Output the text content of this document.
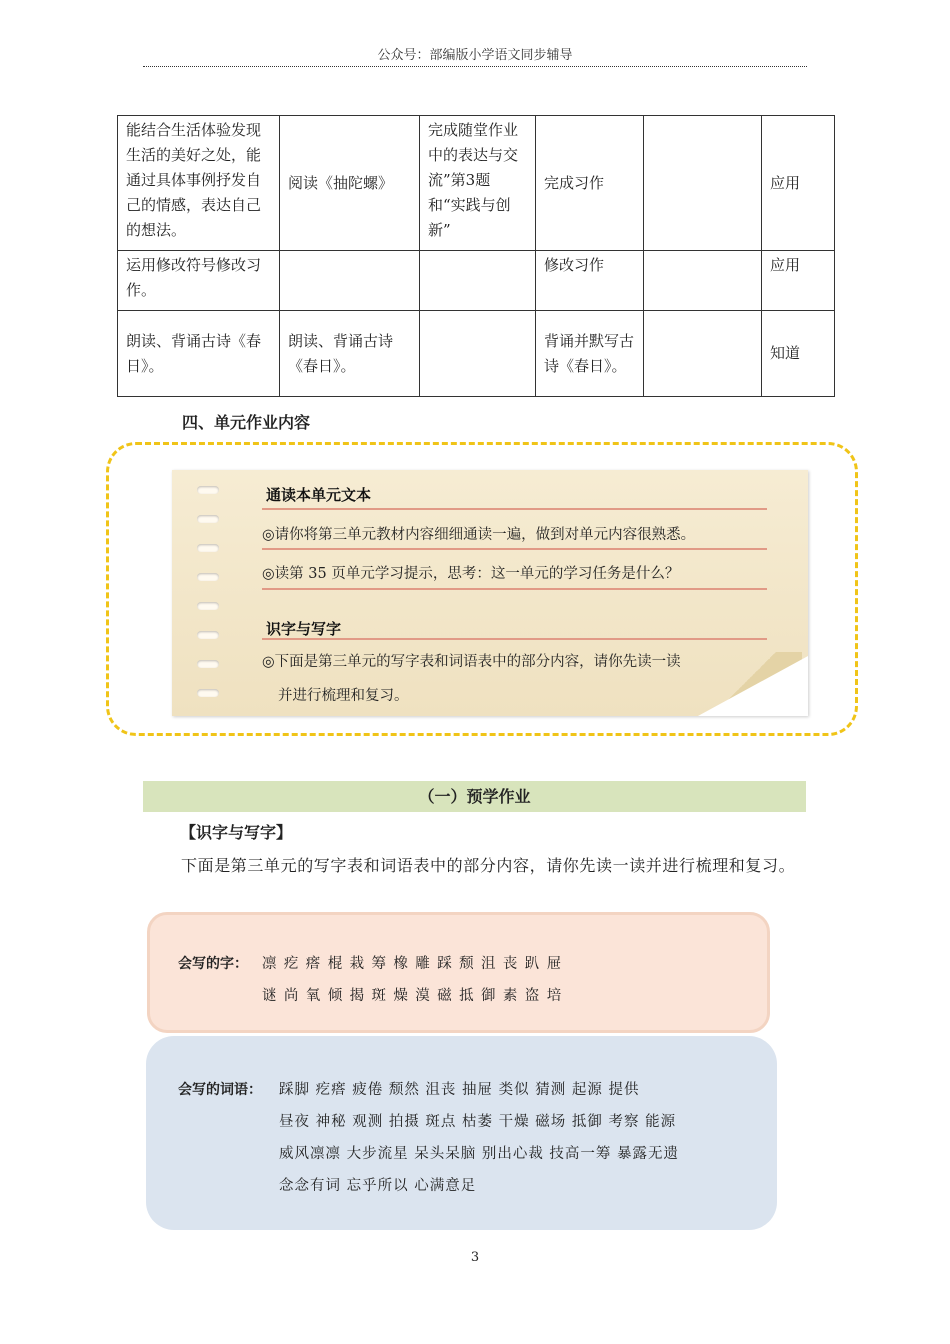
公众号：部编版小学语文同步辅导
能结合生活体验发现生活的美好之处，能通过具体事例抒发自己的情感，表达自己的想法。	阅读《抽陀螺》	完成随堂作业中的表达与交流”第3题和“实践与创新”	完成习作		应用
运用修改符号修改习作。			修改习作		应用
朗读、背诵古诗《春日》。	朗读、背诵古诗《春日》。		背诵并默写古诗《春日》。		知道
四、单元作业内容
通读本单元文本
◎请你将第三单元教材内容细细通读一遍，做到对单元内容很熟悉。
◎读第 35 页单元学习提示，思考：这一单元的学习任务是什么？
识字与写字
◎下面是第三单元的写字表和词语表中的部分内容，请你先读一读
并进行梳理和复习。
（一）预学作业
【识字与写字】
下面是第三单元的写字表和词语表中的部分内容，请你先读一读并进行梳理和复习。
会写的字： 凛疙瘩棍栽筹橡雕踩颓沮丧趴屉
谜尚氧倾揭斑燥漠磁抵御素盗培
会写的词语： 踩脚 疙瘩 疲倦 颓然 沮丧 抽屉 类似 猜测 起源 提供
昼夜 神秘 观测 拍摄 斑点 枯萎 干燥 磁场 抵御 考察 能源
威风凛凛 大步流星 呆头呆脑 别出心裁 技高一筹 暴露无遗
念念有词 忘乎所以 心满意足
3
